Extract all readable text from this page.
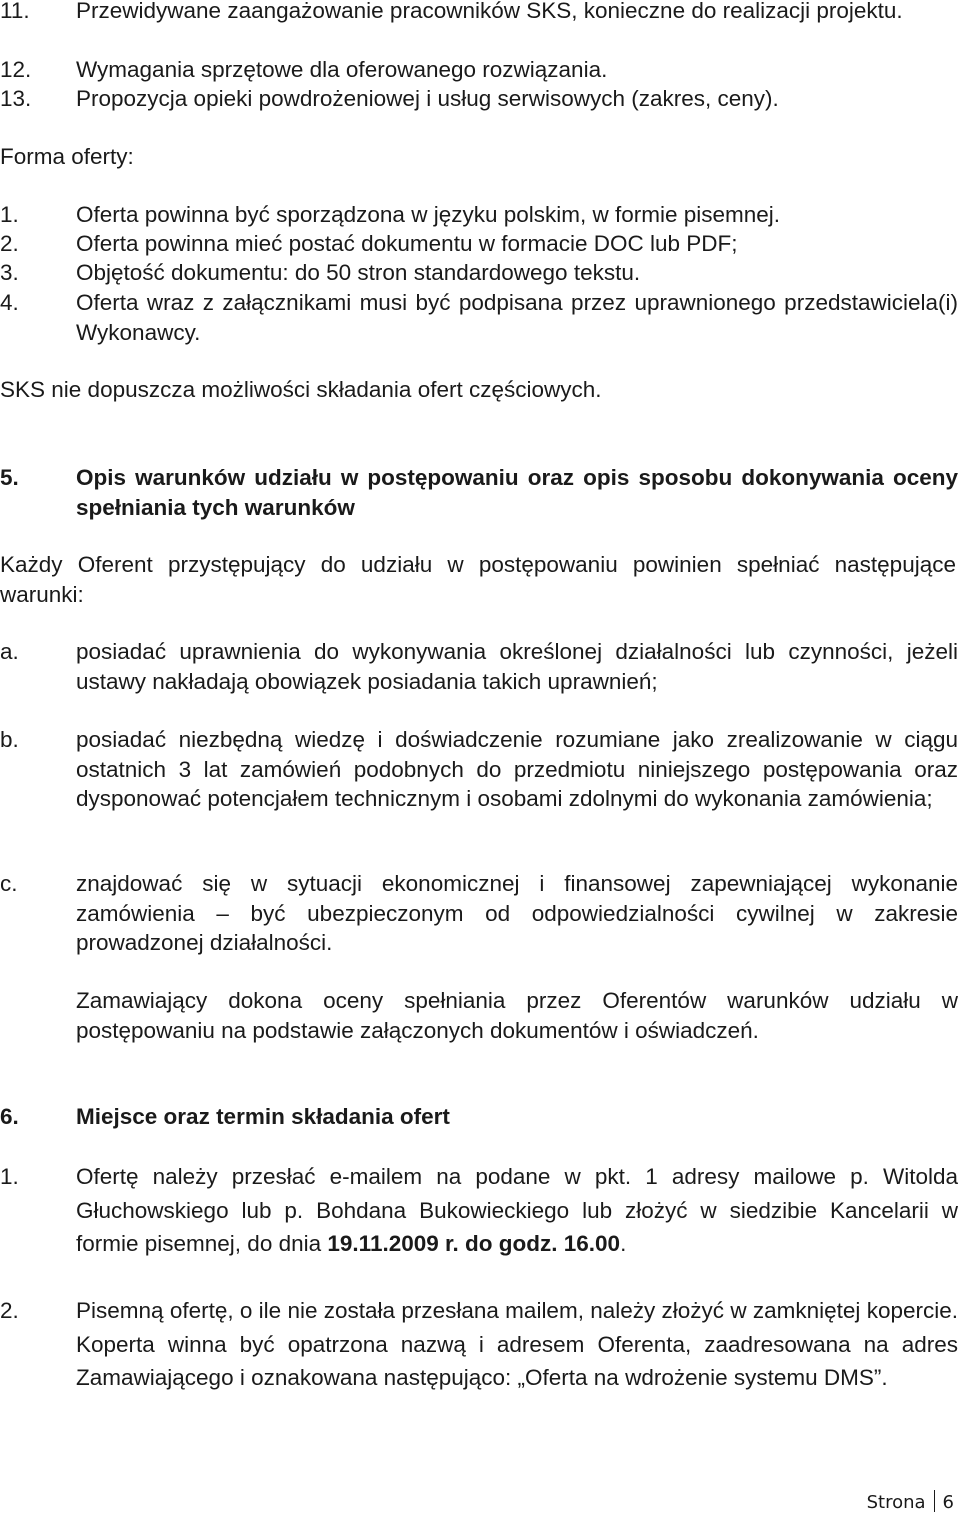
11. Przewidywane zaangażowanie pracowników SKS, konieczne do realizacji projektu.
12. Wymagania sprzętowe dla oferowanego rozwiązania.
13. Propozycja opieki powdrożeniowej i usług serwisowych (zakres, ceny).
Forma oferty:
1.	Oferta powinna być sporządzona w języku polskim, w formie pisemnej.
2.	Oferta powinna mieć postać dokumentu w formacie DOC lub PDF;
3.	Objętość dokumentu: do 50 stron standardowego tekstu.
4.	Oferta wraz z załącznikami musi być podpisana przez uprawnionego przedstawiciela(i) Wykonawcy.
SKS nie dopuszcza możliwości składania ofert częściowych.
5.	Opis warunków udziału w postępowaniu oraz opis sposobu dokonywania oceny spełniania tych warunków
Każdy Oferent przystępujący do udziału w postępowaniu powinien spełniać następujące warunki:
a.	posiadać uprawnienia do wykonywania określonej działalności lub czynności, jeżeli ustawy nakładają obowiązek posiadania takich uprawnień;
b.	posiadać niezbędną wiedzę i doświadczenie rozumiane jako zrealizowanie w ciągu ostatnich 3 lat zamówień podobnych do przedmiotu niniejszego postępowania oraz dysponować potencjałem technicznym i osobami zdolnymi do wykonania zamówienia;
c.	znajdować się w sytuacji ekonomicznej i finansowej zapewniającej wykonanie zamówienia – być ubezpieczonym od odpowiedzialności cywilnej w zakresie prowadzonej działalności.
Zamawiający dokona oceny spełniania przez Oferentów warunków udziału w postępowaniu na podstawie załączonych dokumentów i oświadczeń.
6.	Miejsce oraz termin składania ofert
1.	Ofertę należy przesłać e-mailem na podane w pkt. 1 adresy mailowe p. Witolda Głuchowskiego lub p. Bohdana Bukowieckiego lub złożyć w siedzibie Kancelarii w formie pisemnej, do dnia 19.11.2009 r. do godz. 16.00.
2.	Pisemną ofertę, o ile nie została przesłana mailem, należy złożyć w zamkniętej kopercie. Koperta winna być opatrzona nazwą i adresem Oferenta, zaadresowana na adres Zamawiającego i oznakowana następująco: „Oferta na wdrożenie systemu DMS”.
Strona 6
